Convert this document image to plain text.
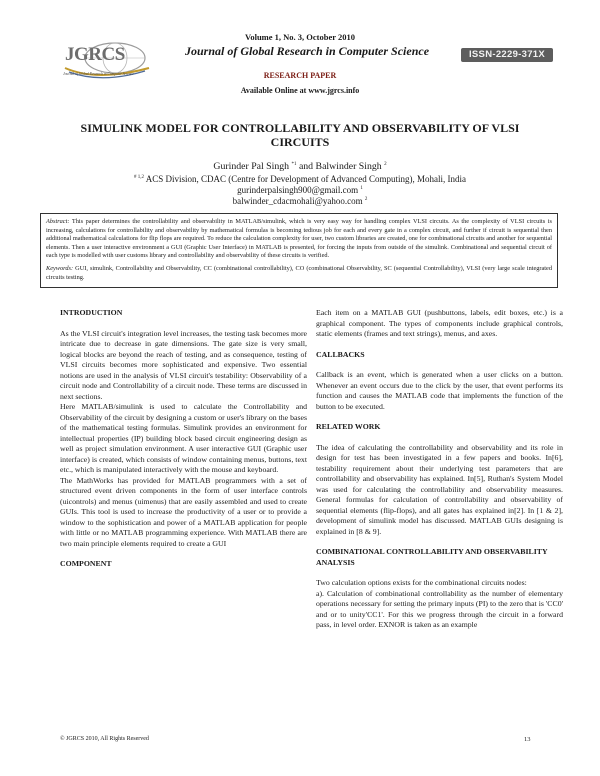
Volume 1, No. 3, October 2010
JGRCS
Journal of Global Research in Computer Science
Journal of Global Research in Computer Science	ISSN-2229-371X
RESEARCH PAPER
Available Online at www.jgrcs.info
SIMULINK MODEL FOR CONTROLLABILITY AND OBSERVABILITY OF VLSI
CIRCUITS
Gurinder Pal Singh $^{*1}$ and Balwinder Singh $^2$
$^{\# 1,2}$ ACS Division, CDAC (Centre for Development of Advanced Computing), Mohali, India
gurinderpalsingh900@gmail.com $^1$
balwinder_cdacmohali@yahoo.com $^2$

Abstract: This paper determines the controllability and observability in MATLAB/simulink, which is very easy way for handling complex VLSI circuits. As the complexity of VLSI circuits is increasing, calculations for controllability and observability by mathematical formulas is becoming tedious job for each and every gate in a complex circuit, and further if circuit is sequential then additional mathematical calculations for flip flops are required. To reduce the calculation complexity for user, two custom libraries are created, one for combinational circuits and another for sequential elements. Then a user interactive environment a GUI (Graphic User Interface) in MATLAB is presented, for forcing the inputs from outside of the simulink. Combinational and sequential circuit of each type is modelled with user customs library and controllability and observability of these circuits is verified.

Keywords: GUI, simulink, Controllability and Observability, CC (combinational controllability), CO (combinational Observability, SC (sequential Controllability), VLSI (very large scale integrated circuits testing.

INTRODUCTION

As the VLSI circuit's integration level increases, the testing task becomes more intricate due to decrease in gate dimensions. The gate size is very small, logical blocks are beyond the reach of testing, and as consequence, testing of VLSI circuits becomes more sophisticated and expensive. Two essential notions are used in the analysis of VLSI circuit's testability: Observability of a circuit node and Controllability of a circuit node. These terms are discussed in next sections.

Here MATLAB/simulink is used to calculate the Controllability and Observability of the circuit by designing a custom or user's library on the bases of the mathematical testing formulas. Simulink provides an environment for intellectual properties (IP) building block based circuit engineering design as well as project simulation environment. A user interactive GUI (Graphic user interface) is created, which consists of window containing menus, buttons, text etc., which is manipulated interactively with the mouse and keyboard.

The MathWorks has provided for MATLAB programmers with a set of structured event driven components in the form of user interface controls (uicontrols) and menus (uimenus) that are easily assembled and used to create GUIs. This tool is used to increase the productivity of a user or to provide a window to the sophistication and power of a MATLAB application for people with little or no MATLAB programming experience. With MATLAB there are two main principle elements required to create a GUI

COMPONENT

Each item on a MATLAB GUI (pushbuttons, labels, edit boxes, etc.) is a graphical component. The types of components include graphical controls, static elements (frames and text strings), menus, and axes.

CALLBACKS

Callback is an event, which is generated when a user clicks on a button. Whenever an event occurs due to the click by the user, that event performs its function and causes the MATLAB code that implements the function of the button to be executed.

RELATED WORK

The idea of calculating the controllability and observability and its role in design for test has been investigated in a few papers and books. In[6], testability requirement about their underlying test parameters that are controllability and observability has explained. In[5], Ruthan's System Model was used for calculating the controllability and observability measures. General formulas for calculation of controllability and observability of sequential elements (flip-flops), and all gates has explained in[2]. In [1 & 2], development of simulink model has discussed. MATLAB GUIs designing is explained in [8 & 9].

COMBINATIONAL CONTROLLABILITY AND OBSERVABILITY ANALYSIS

Two calculation options exists for the combinational circuits nodes:

a). Calculation of combinational controllability as the number of elementary operations necessary for setting the primary inputs (PI) to the zero that is 'CC0' and or to unity'CC1'. For this we progress through the circuit in a forward pass, in level order. EXNOR is taken as an example

© JGRCS 2010, All Rights Reserved	13
